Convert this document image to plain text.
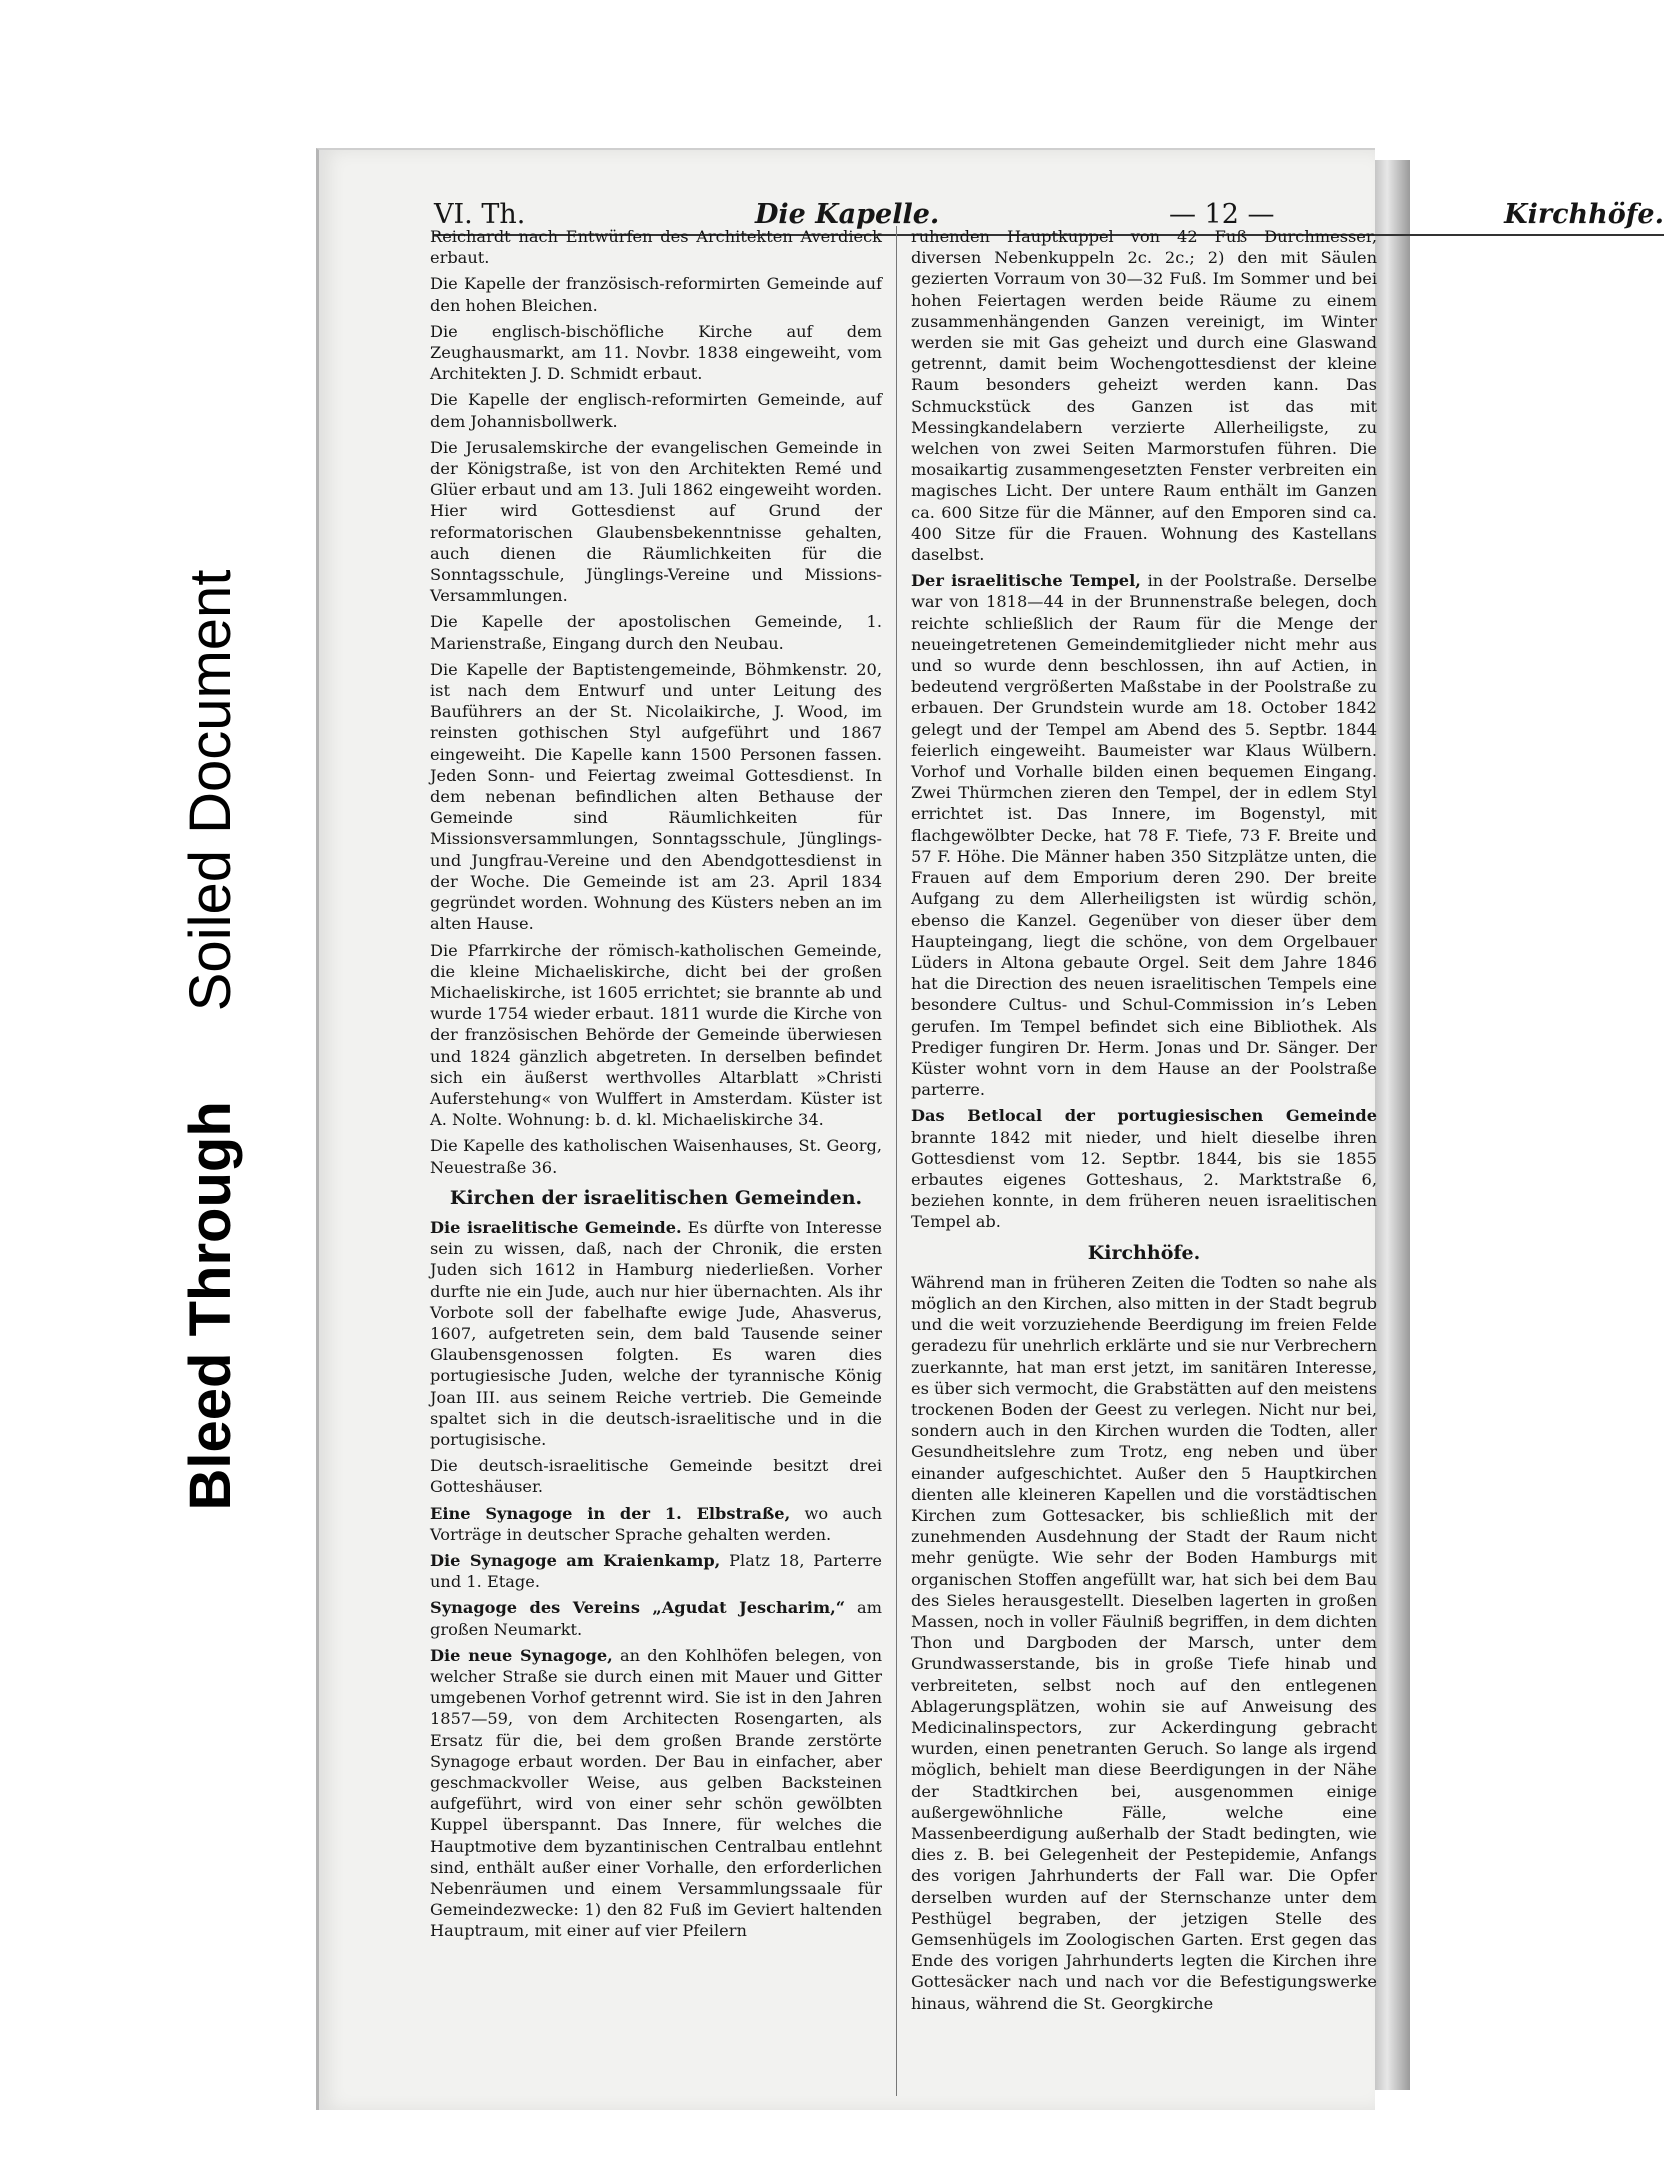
Bleed Through
Soiled Document
VI. Th.	Die Kapelle.	— 12 —	Kirchhöfe.

Reichardt nach Entwürfen des Architekten Averdieck erbaut.

Die Kapelle der französisch-reformirten Gemeinde auf den hohen Bleichen.

Die englisch-bischöfliche Kirche auf dem Zeughausmarkt, am 11. Novbr. 1838 eingeweiht, vom Architekten J. D. Schmidt erbaut.

Die Kapelle der englisch-reformirten Gemeinde, auf dem Johannisbollwerk.

Die Jerusalemskirche der evangelischen Gemeinde in der Königstraße, ist von den Architekten Remé und Glüer erbaut und am 13. Juli 1862 eingeweiht worden. Hier wird Gottesdienst auf Grund der reformatorischen Glaubensbekenntnisse gehalten, auch dienen die Räumlichkeiten für die Sonntagsschule, Jünglings-Vereine und Missions-Versammlungen.

Die Kapelle der apostolischen Gemeinde, 1. Marienstraße, Eingang durch den Neubau.

Die Kapelle der Baptistengemeinde, Böhmkenstr. 20, ist nach dem Entwurf und unter Leitung des Bauführers an der St. Nicolaikirche, J. Wood, im reinsten gothischen Styl aufgeführt und 1867 eingeweiht. Die Kapelle kann 1500 Personen fassen. Jeden Sonn- und Feiertag zweimal Gottesdienst. In dem nebenan befindlichen alten Bethause der Gemeinde sind Räumlichkeiten für Missionsversammlungen, Sonntagsschule, Jünglings- und Jungfrau-Vereine und den Abendgottesdienst in der Woche. Die Gemeinde ist am 23. April 1834 gegründet worden. Wohnung des Küsters neben an im alten Hause.

Die Pfarrkirche der römisch-katholischen Gemeinde, die kleine Michaeliskirche, dicht bei der großen Michaeliskirche, ist 1605 errichtet; sie brannte ab und wurde 1754 wieder erbaut. 1811 wurde die Kirche von der französischen Behörde der Gemeinde überwiesen und 1824 gänzlich abgetreten. In derselben befindet sich ein äußerst werthvolles Altarblatt »Christi Auferstehung« von Wulffert in Amsterdam. Küster ist A. Nolte. Wohnung: b. d. kl. Michaeliskirche 34.

Die Kapelle des katholischen Waisenhauses, St. Georg, Neuestraße 36.

Kirchen der israelitischen Gemeinden.

Die israelitische Gemeinde. Es dürfte von Interesse sein zu wissen, daß, nach der Chronik, die ersten Juden sich 1612 in Hamburg niederließen. Vorher durfte nie ein Jude, auch nur hier übernachten. Als ihr Vorbote soll der fabelhafte ewige Jude, Ahasverus, 1607, aufgetreten sein, dem bald Tausende seiner Glaubensgenossen folgten. Es waren dies portugiesische Juden, welche der tyrannische König Joan III. aus seinem Reiche vertrieb. Die Gemeinde spaltet sich in die deutsch-israelitische und in die portugisische.

Die deutsch-israelitische Gemeinde besitzt drei Gotteshäuser.

Eine Synagoge in der 1. Elbstraße, wo auch Vorträge in deutscher Sprache gehalten werden.

Die Synagoge am Kraienkamp, Platz 18, Parterre und 1. Etage.

Synagoge des Vereins „Agudat Jescharim,“ am großen Neumarkt.

Die neue Synagoge, an den Kohlhöfen belegen, von welcher Straße sie durch einen mit Mauer und Gitter umgebenen Vorhof getrennt wird. Sie ist in den Jahren 1857—59, von dem Architecten Rosengarten, als Ersatz für die, bei dem großen Brande zerstörte Synagoge erbaut worden. Der Bau in einfacher, aber geschmackvoller Weise, aus gelben Backsteinen aufgeführt, wird von einer sehr schön gewölbten Kuppel überspannt. Das Innere, für welches die Hauptmotive dem byzantinischen Centralbau entlehnt sind, enthält außer einer Vorhalle, den erforderlichen Nebenräumen und einem Versammlungssaale für Gemeindezwecke: 1) den 82 Fuß im Geviert haltenden Hauptraum, mit einer auf vier Pfeilern

ruhenden Hauptkuppel von 42 Fuß Durchmesser, diversen Nebenkuppeln 2c. 2c.; 2) den mit Säulen gezierten Vorraum von 30—32 Fuß. Im Sommer und bei hohen Feiertagen werden beide Räume zu einem zusammenhängenden Ganzen vereinigt, im Winter werden sie mit Gas geheizt und durch eine Glaswand getrennt, damit beim Wochengottesdienst der kleine Raum besonders geheizt werden kann. Das Schmuckstück des Ganzen ist das mit Messingkandelabern verzierte Allerheiligste, zu welchen von zwei Seiten Marmorstufen führen. Die mosaikartig zusammengesetzten Fenster verbreiten ein magisches Licht. Der untere Raum enthält im Ganzen ca. 600 Sitze für die Männer, auf den Emporen sind ca. 400 Sitze für die Frauen. Wohnung des Kastellans daselbst.

Der israelitische Tempel, in der Poolstraße. Derselbe war von 1818—44 in der Brunnenstraße belegen, doch reichte schließlich der Raum für die Menge der neueingetretenen Gemeindemitglieder nicht mehr aus und so wurde denn beschlossen, ihn auf Actien, in bedeutend vergrößerten Maßstabe in der Poolstraße zu erbauen. Der Grundstein wurde am 18. October 1842 gelegt und der Tempel am Abend des 5. Septbr. 1844 feierlich eingeweiht. Baumeister war Klaus Wülbern. Vorhof und Vorhalle bilden einen bequemen Eingang. Zwei Thürmchen zieren den Tempel, der in edlem Styl errichtet ist. Das Innere, im Bogenstyl, mit flachgewölbter Decke, hat 78 F. Tiefe, 73 F. Breite und 57 F. Höhe. Die Männer haben 350 Sitzplätze unten, die Frauen auf dem Emporium deren 290. Der breite Aufgang zu dem Allerheiligsten ist würdig schön, ebenso die Kanzel. Gegenüber von dieser über dem Haupteingang, liegt die schöne, von dem Orgelbauer Lüders in Altona gebaute Orgel. Seit dem Jahre 1846 hat die Direction des neuen israelitischen Tempels eine besondere Cultus- und Schul-Commission in’s Leben gerufen. Im Tempel befindet sich eine Bibliothek. Als Prediger fungiren Dr. Herm. Jonas und Dr. Sänger. Der Küster wohnt vorn in dem Hause an der Poolstraße parterre.

Das Betlocal der portugiesischen Gemeinde brannte 1842 mit nieder, und hielt dieselbe ihren Gottesdienst vom 12. Septbr. 1844, bis sie 1855 erbautes eigenes Gotteshaus, 2. Marktstraße 6, beziehen konnte, in dem früheren neuen israelitischen Tempel ab.

Kirchhöfe.

Während man in früheren Zeiten die Todten so nahe als möglich an den Kirchen, also mitten in der Stadt begrub und die weit vorzuziehende Beerdigung im freien Felde geradezu für unehrlich erklärte und sie nur Verbrechern zuerkannte, hat man erst jetzt, im sanitären Interesse, es über sich vermocht, die Grabstätten auf den meistens trockenen Boden der Geest zu verlegen. Nicht nur bei, sondern auch in den Kirchen wurden die Todten, aller Gesundheitslehre zum Trotz, eng neben und über einander aufgeschichtet. Außer den 5 Hauptkirchen dienten alle kleineren Kapellen und die vorstädtischen Kirchen zum Gottesacker, bis schließlich mit der zunehmenden Ausdehnung der Stadt der Raum nicht mehr genügte. Wie sehr der Boden Hamburgs mit organischen Stoffen angefüllt war, hat sich bei dem Bau des Sieles herausgestellt. Dieselben lagerten in großen Massen, noch in voller Fäulniß begriffen, in dem dichten Thon und Dargboden der Marsch, unter dem Grundwasserstande, bis in große Tiefe hinab und verbreiteten, selbst noch auf den entlegenen Ablagerungsplätzen, wohin sie auf Anweisung des Medicinalinspectors, zur Ackerdingung gebracht wurden, einen penetranten Geruch. So lange als irgend möglich, behielt man diese Beerdigungen in der Nähe der Stadtkirchen bei, ausgenommen einige außergewöhnliche Fälle, welche eine Massenbeerdigung außerhalb der Stadt bedingten, wie dies z. B. bei Gelegenheit der Pestepidemie, Anfangs des vorigen Jahrhunderts der Fall war. Die Opfer derselben wurden auf der Sternschanze unter dem Pesthügel begraben, der jetzigen Stelle des Gemsenhügels im Zoologischen Garten. Erst gegen das Ende des vorigen Jahrhunderts legten die Kirchen ihre Gottesäcker nach und nach vor die Befestigungswerke hinaus, während die St. Georgkirche
